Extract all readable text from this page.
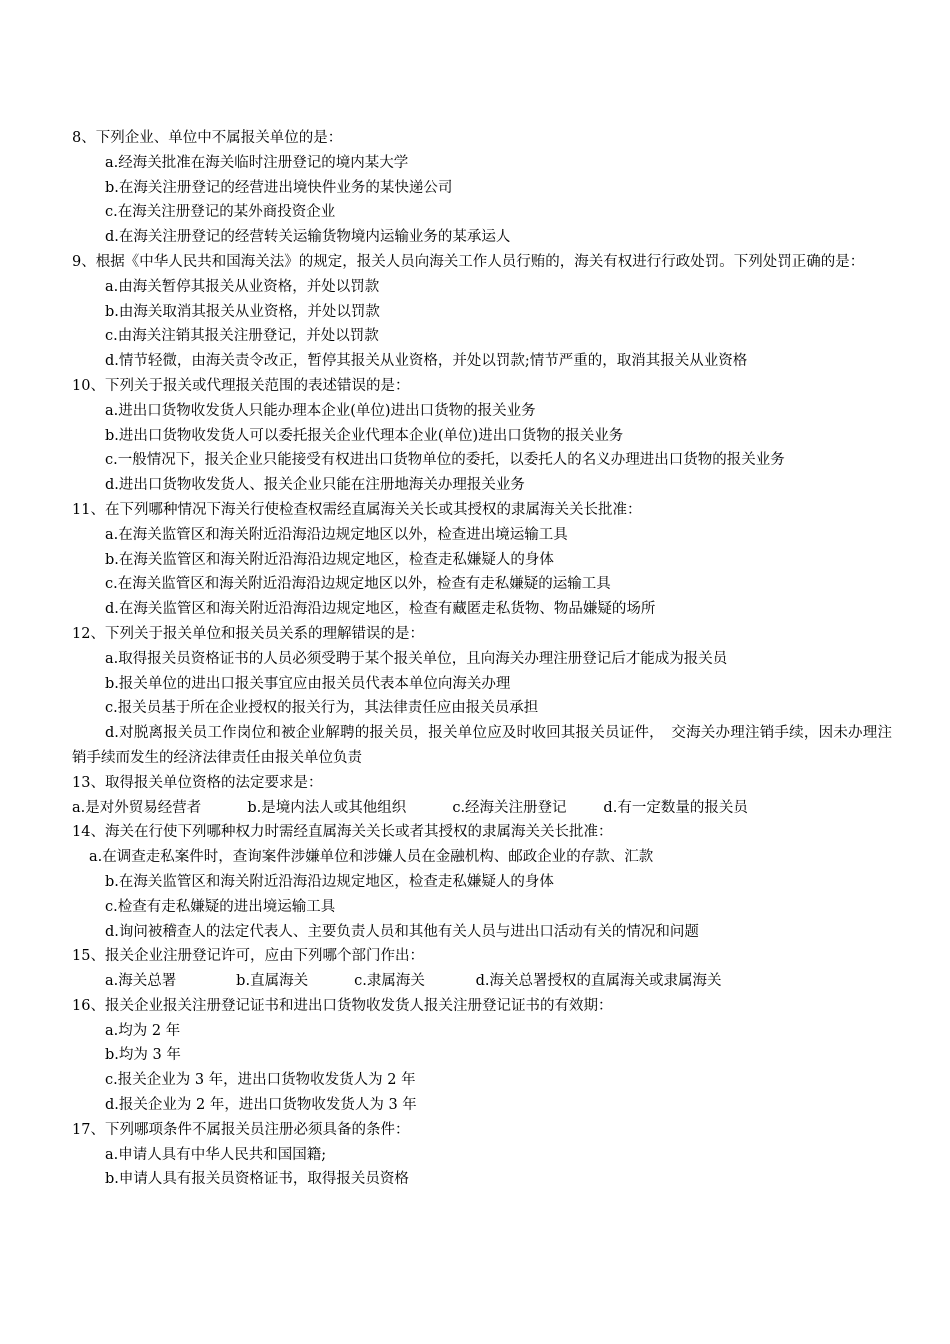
8、下列企业、单位中不属报关单位的是：

a.经海关批准在海关临时注册登记的境内某大学

b.在海关注册登记的经营进出境快件业务的某快递公司

c.在海关注册登记的某外商投资企业

d.在海关注册登记的经营转关运输货物境内运输业务的某承运人

9、根据《中华人民共和国海关法》的规定，报关人员向海关工作人员行贿的，海关有权进行行政处罚。下列处罚正确的是：

a.由海关暂停其报关从业资格，并处以罚款

b.由海关取消其报关从业资格，并处以罚款

c.由海关注销其报关注册登记，并处以罚款

d.情节轻微，由海关责令改正，暂停其报关从业资格，并处以罚款;情节严重的，取消其报关从业资格

10、下列关于报关或代理报关范围的表述错误的是：

a.进出口货物收发货人只能办理本企业(单位)进出口货物的报关业务

b.进出口货物收发货人可以委托报关企业代理本企业(单位)进出口货物的报关业务

c.一般情况下，报关企业只能接受有权进出口货物单位的委托，以委托人的名义办理进出口货物的报关业务

d.进出口货物收发货人、报关企业只能在注册地海关办理报关业务

11、在下列哪种情况下海关行使检查权需经直属海关关长或其授权的隶属海关关长批准：

a.在海关监管区和海关附近沿海沿边规定地区以外，检查进出境运输工具

b.在海关监管区和海关附近沿海沿边规定地区，检查走私嫌疑人的身体

c.在海关监管区和海关附近沿海沿边规定地区以外，检查有走私嫌疑的运输工具

d.在海关监管区和海关附近沿海沿边规定地区，检查有藏匿走私货物、物品嫌疑的场所

12、下列关于报关单位和报关员关系的理解错误的是：

a.取得报关员资格证书的人员必须受聘于某个报关单位，且向海关办理注册登记后才能成为报关员

b.报关单位的进出口报关事宜应由报关员代表本单位向海关办理

c.报关员基于所在企业授权的报关行为，其法律责任应由报关员承担

d.对脱离报关员工作岗位和被企业解聘的报关员，报关单位应及时收回其报关员证件，　交海关办理注销手续，因未办理注销手续而发生的经济法律责任由报关单位负责

13、取得报关单位资格的法定要求是：

a.是对外贸易经营者          b.是境内法人或其他组织          c.经海关注册登记        d.有一定数量的报关员

14、海关在行使下列哪种权力时需经直属海关关长或者其授权的隶属海关关长批准：

a.在调查走私案件时，查询案件涉嫌单位和涉嫌人员在金融机构、邮政企业的存款、汇款

b.在海关监管区和海关附近沿海沿边规定地区，检查走私嫌疑人的身体

c.检查有走私嫌疑的进出境运输工具

d.询问被稽查人的法定代表人、主要负责人员和其他有关人员与进出口活动有关的情况和问题

15、报关企业注册登记许可，应由下列哪个部门作出：

a.海关总署             b.直属海关          c.隶属海关           d.海关总署授权的直属海关或隶属海关

16、报关企业报关注册登记证书和进出口货物收发货人报关注册登记证书的有效期：

a.均为 2 年

b.均为 3 年

c.报关企业为 3 年，进出口货物收发货人为 2 年

d.报关企业为 2 年，进出口货物收发货人为 3 年

17、下列哪项条件不属报关员注册必须具备的条件：

a.申请人具有中华人民共和国国籍;

b.申请人具有报关员资格证书，取得报关员资格
